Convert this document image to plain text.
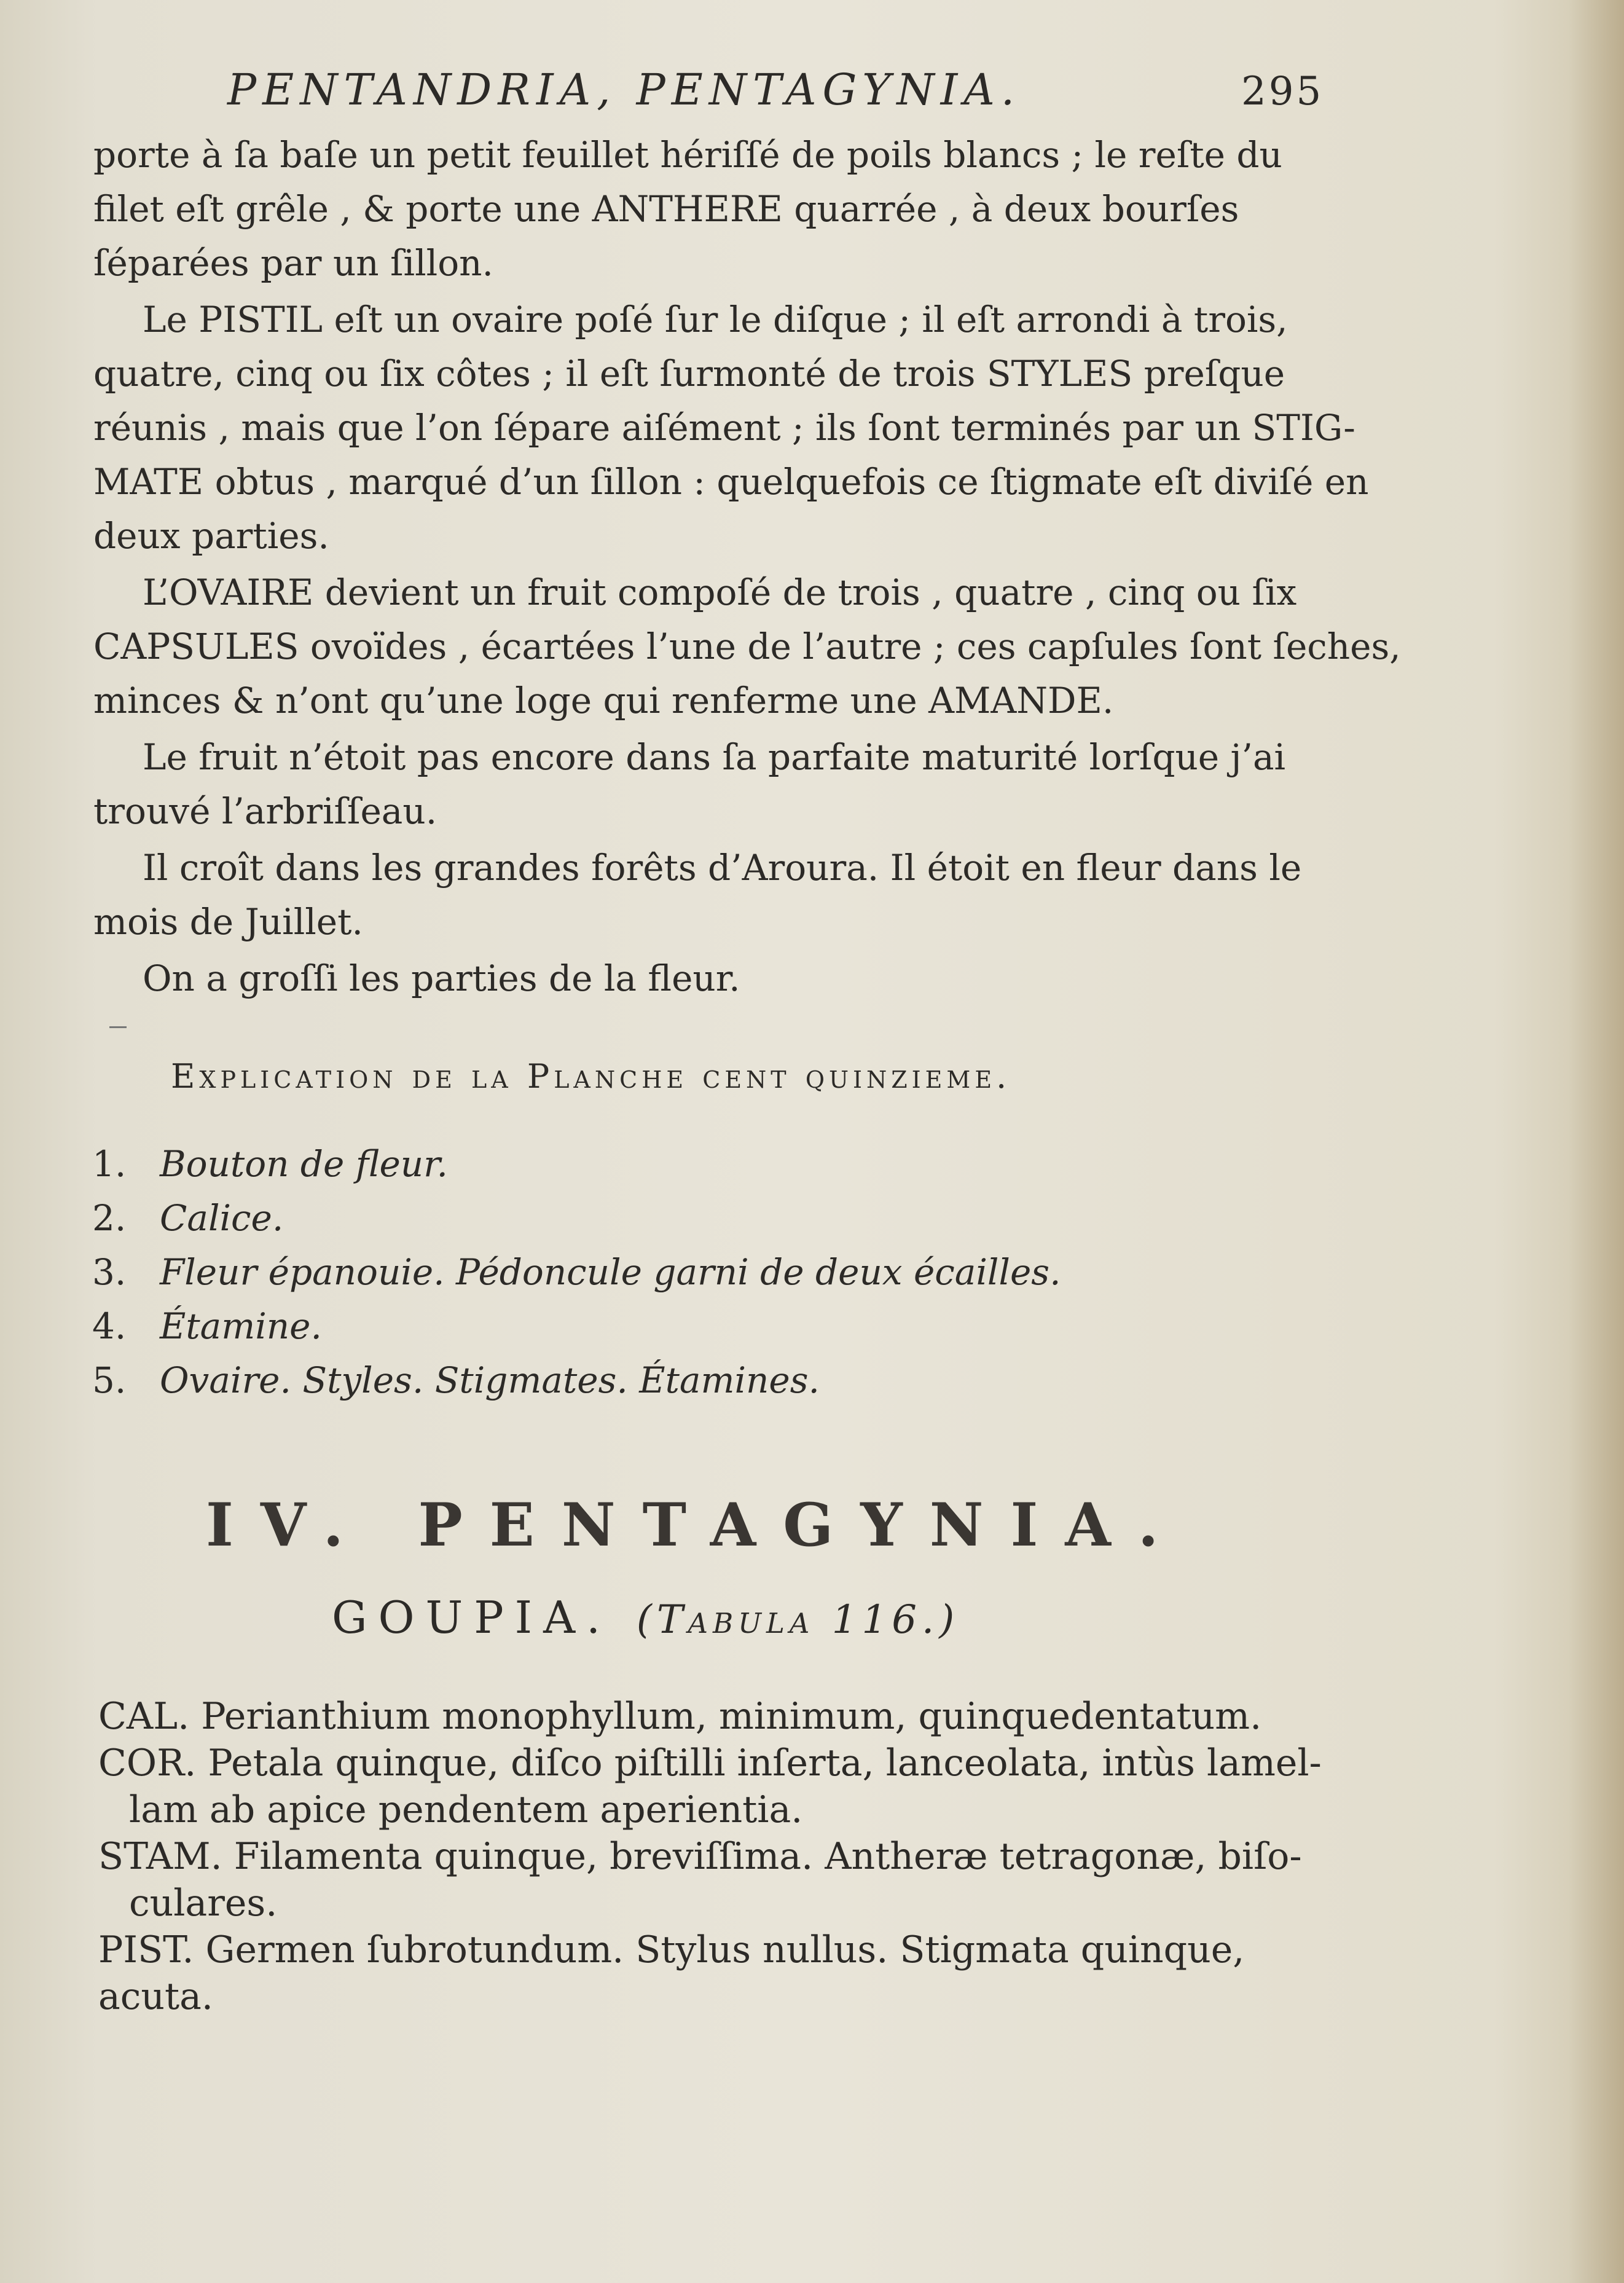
PENTANDRIA, PENTAGYNIA.	295
porte à ſa baſe un petit feuillet hériſſé de poils blancs ; le reſte du
filet eſt grêle , & porte une ANTHERE quarrée , à deux bourſes
ſéparées par un ſillon.
Le PISTIL eſt un ovaire poſé ſur le diſque ; il eſt arrondi à trois,
quatre, cinq ou ſix côtes ; il eſt ſurmonté de trois STYLES preſque
réunis , mais que l’on ſépare aiſément ; ils ſont terminés par un STIG-
MATE obtus , marqué d’un ſillon : quelquefois ce ſtigmate eſt diviſé en
deux parties.
L’OVAIRE devient un fruit compoſé de trois , quatre , cinq ou ſix
CAPSULES ovoïdes , écartées l’une de l’autre ; ces capſules ſont ſeches,
minces & n’ont qu’une loge qui renferme une AMANDE.
Le fruit n’étoit pas encore dans ſa parfaite maturité lorſque j’ai
trouvé l’arbriſſeau.
Il croît dans les grandes forêts d’Aroura. Il étoit en fleur dans le
mois de Juillet.
On a groſſi les parties de la fleur.
Explication de la Planche cent quinzieme.
1. Bouton de fleur.
2. Calice.
3. Fleur épanouie. Pédoncule garni de deux écailles.
4. Étamine.
5. Ovaire. Styles. Stigmates. Étamines.
IV. PENTAGYNIA.
GOUPIA. (Tabula 116.)
CAL. Perianthium monophyllum, minimum, quinquedentatum.
COR. Petala quinque, diſco piſtilli inſerta, lanceolata, intùs lamel-
lam ab apice pendentem aperientia.
STAM. Filamenta quinque, breviſſima. Antheræ tetragonæ, biſo-
culares.
PIST. Germen ſubrotundum. Stylus nullus. Stigmata quinque, acuta.
